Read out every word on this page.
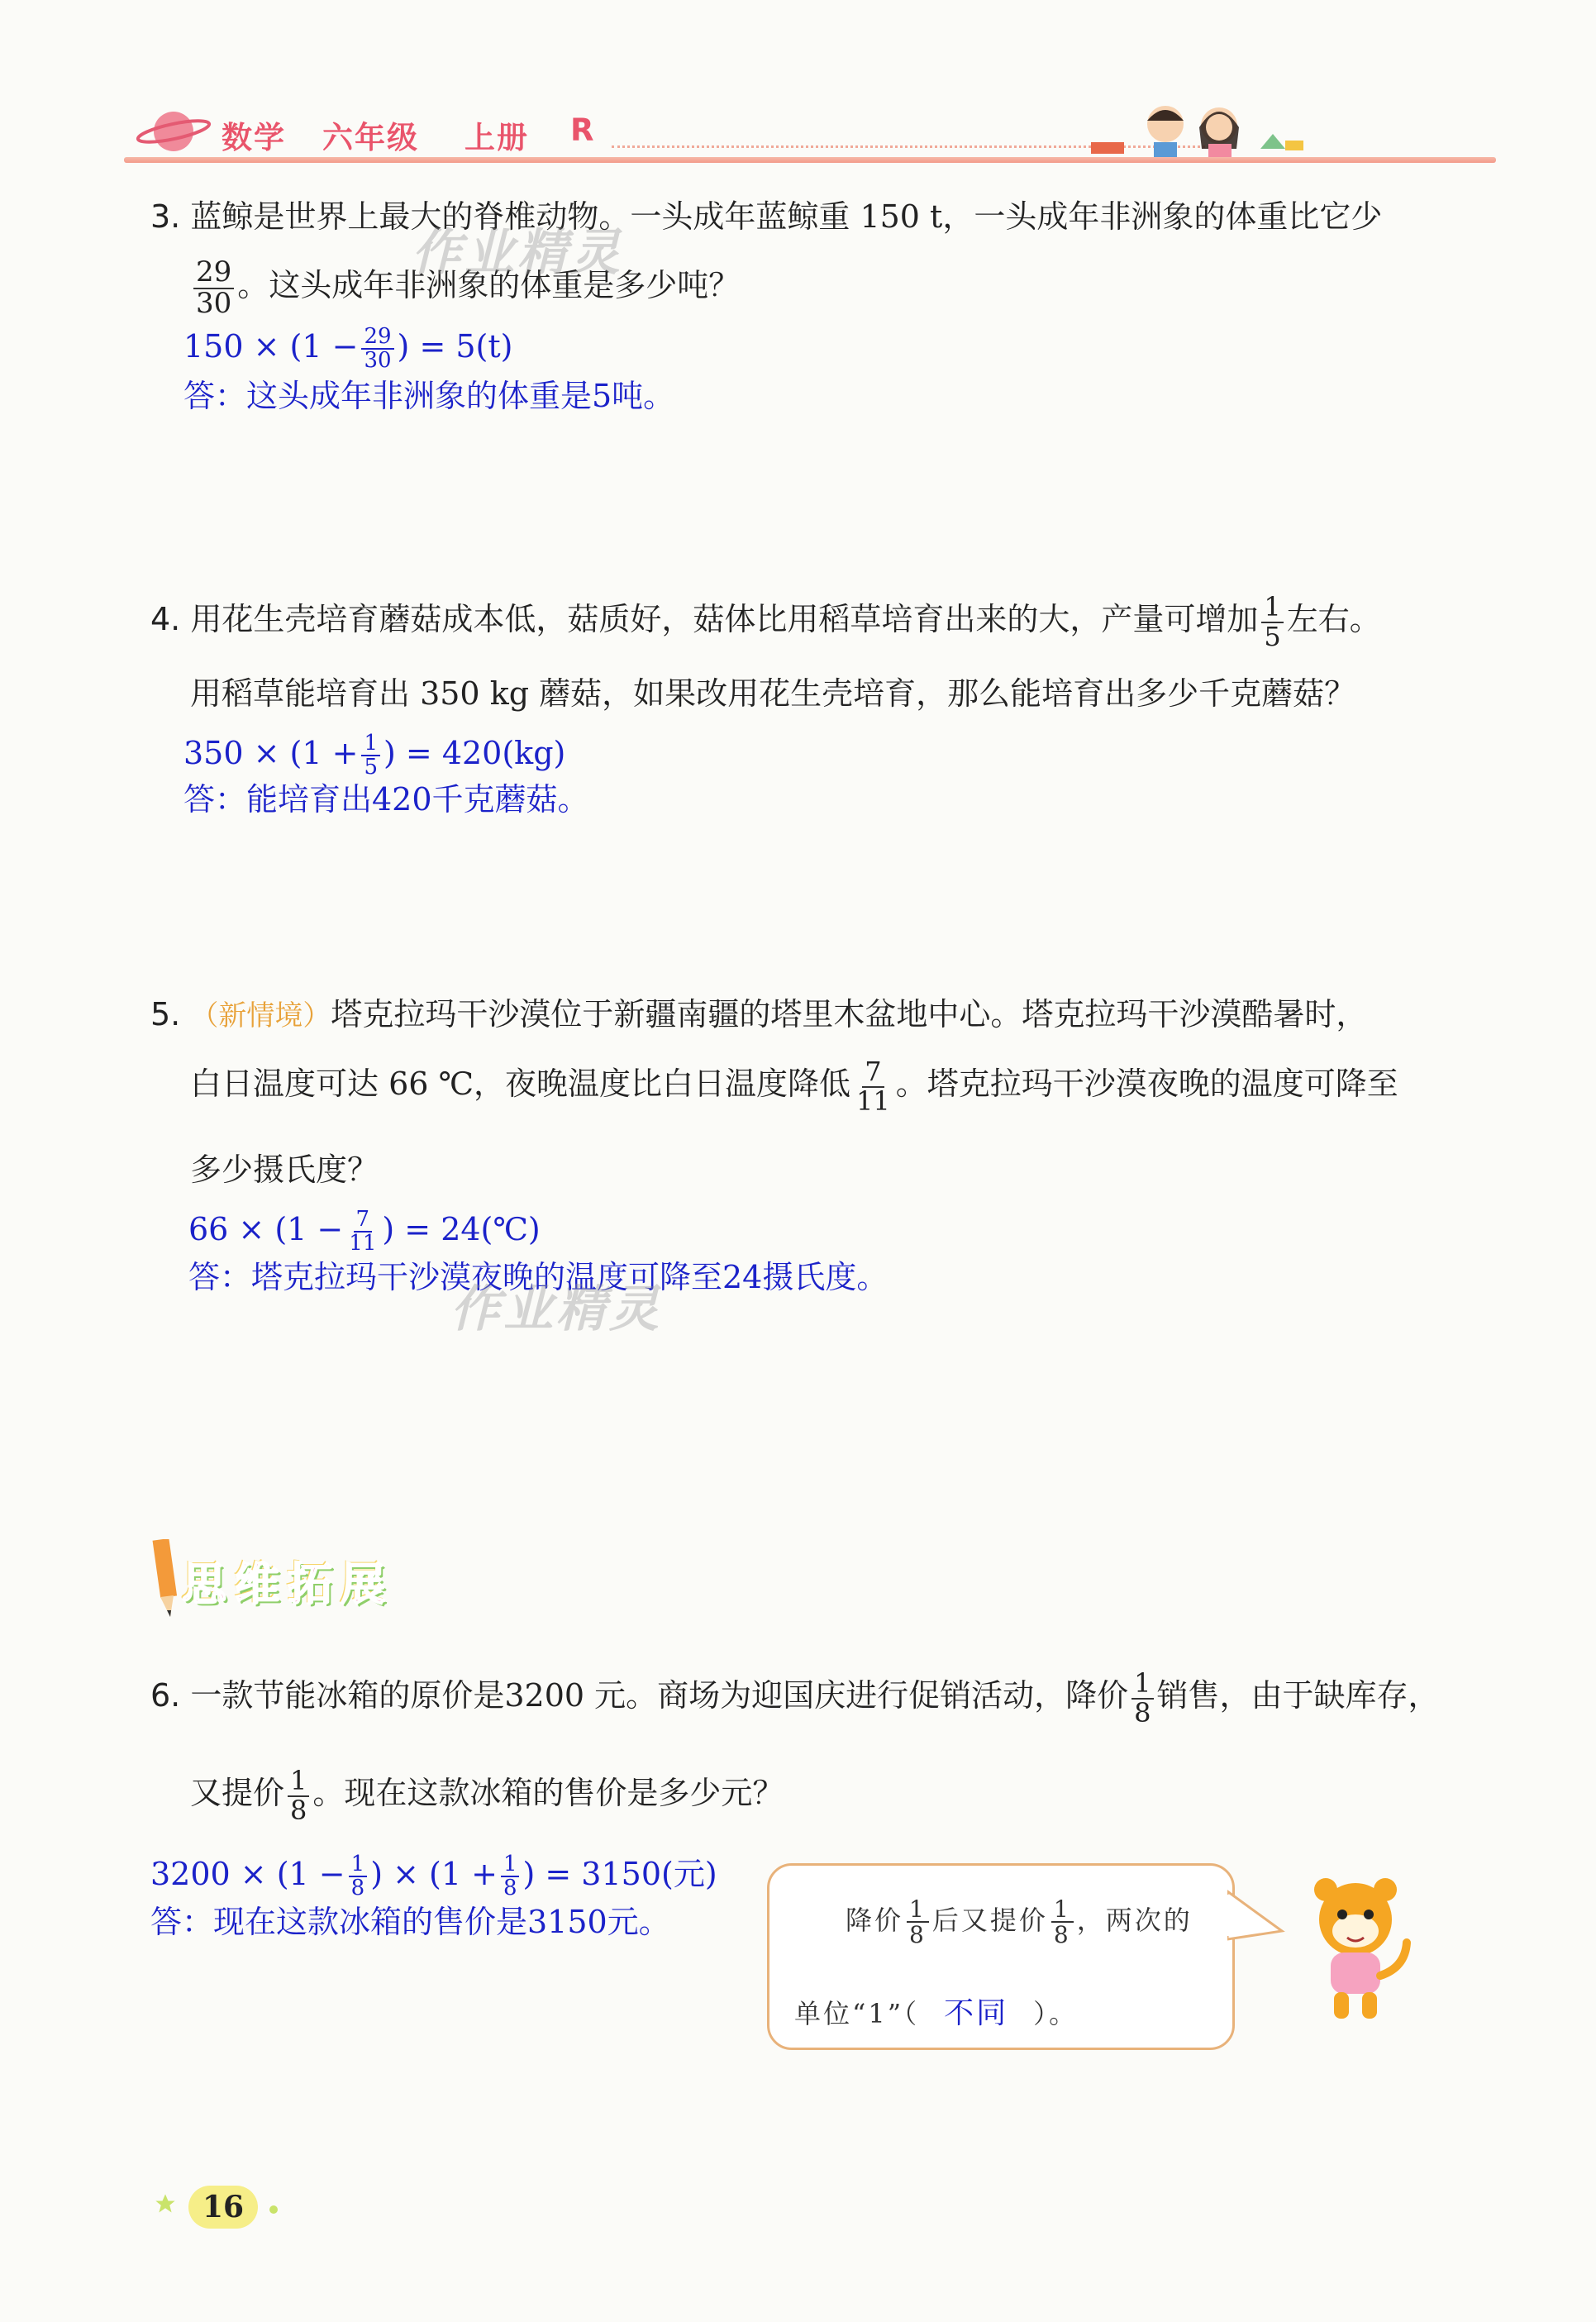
数学 六年级 上册 R
3. 蓝鲸是世界上最大的脊椎动物。一头成年蓝鲸重 150 t，一头成年非洲象的体重比它少
$\frac{29}{30}$ 。这头成年非洲象的体重是多少吨？
$150 \times (1 - \frac{29}{30}$ ) = 5(t)
答：这头成年非洲象的体重是5吨。
4. 用花生壳培育蘑菇成本低，菇质好，菇体比用稻草培育出来的大，产量可增加 $\frac{1}{5}$ 左右。
用稻草能培育出 350 kg 蘑菇，如果改用花生壳培育，那么能培育出多少千克蘑菇？
$350 \times (1 + \frac{1}{5}$ ) = 420(kg)
答：能培育出420千克蘑菇。
5. （新情境）塔克拉玛干沙漠位于新疆南疆的塔里木盆地中心。塔克拉玛干沙漠酷暑时，
白日温度可达 66 ℃，夜晚温度比白日温度降低 $\frac{7}{11}$ 。塔克拉玛干沙漠夜晚的温度可降至
多少摄氏度？
$66 \times (1 - \frac{7}{11}$ ) = 24(℃)
答：塔克拉玛干沙漠夜晚的温度可降至24摄氏度。
作业精灵
作业精灵
思维拓展
6. 一款节能冰箱的原价是3200 元。商场为迎国庆进行促销活动，降价 $\frac{1}{8}$ 销售，由于缺库存，
又提价 $\frac{1}{8}$ 。现在这款冰箱的售价是多少元？
$3200 \times (1 - \frac{1}{8}$ ) × ($1 + \frac{1}{8}$ ) = 3150(元)
答：现在这款冰箱的售价是3150元。	降价 $\frac{1}{8}$ 后又提价 $\frac{1}{8}$ ，两次的
单位“1”（ 不同 ）。
16
